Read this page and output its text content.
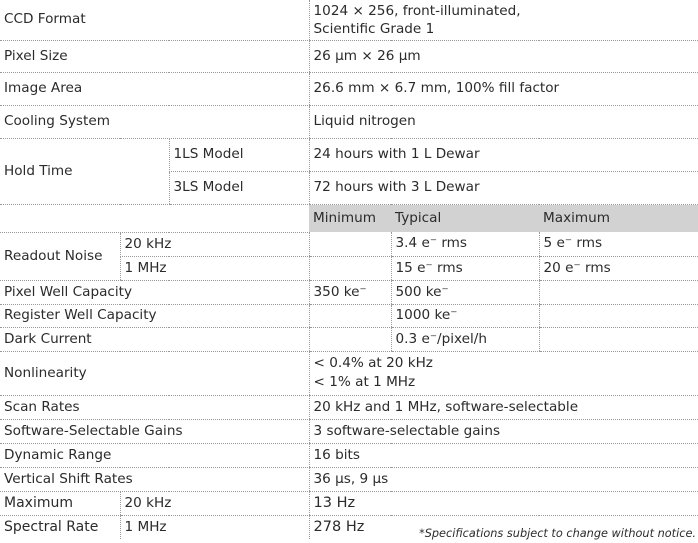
CCD Format			1024 × 256, front-illuminated,
Scientific Grade 1		

Pixel Size			26 µm × 26 µm		
Image Area			26.6 mm × 6.7 mm, 100% fill factor		
Cooling System			Liquid nitrogen		
Hold Time		1LS Model	24 hours with 1 L Dewar		
		3LS Model	72 hours with 3 L Dewar		
			Minimum	Typical	Maximum
Readout Noise	20 kHz			3.4 e⁻ rms	5 e⁻ rms
	1 MHz			15 e⁻ rms	20 e⁻ rms
Pixel Well Capacity			350 ke⁻	500 ke⁻	
Register Well Capacity				1000 ke⁻	
Dark Current				0.3 e⁻/pixel/h	
Nonlinearity			< 0.4% at 20 kHz
< 1% at 1 MHz		

Scan Rates			20 kHz and 1 MHz, software-selectable		
Software-Selectable Gains			3 software-selectable gains		
Dynamic Range			16 bits		
Vertical Shift Rates			36 µs, 9 µs		
Maximum	20 kHz		13 Hz		
Spectral Rate	1 MHz		278 Hz			*Specifications subject to change without notice.
